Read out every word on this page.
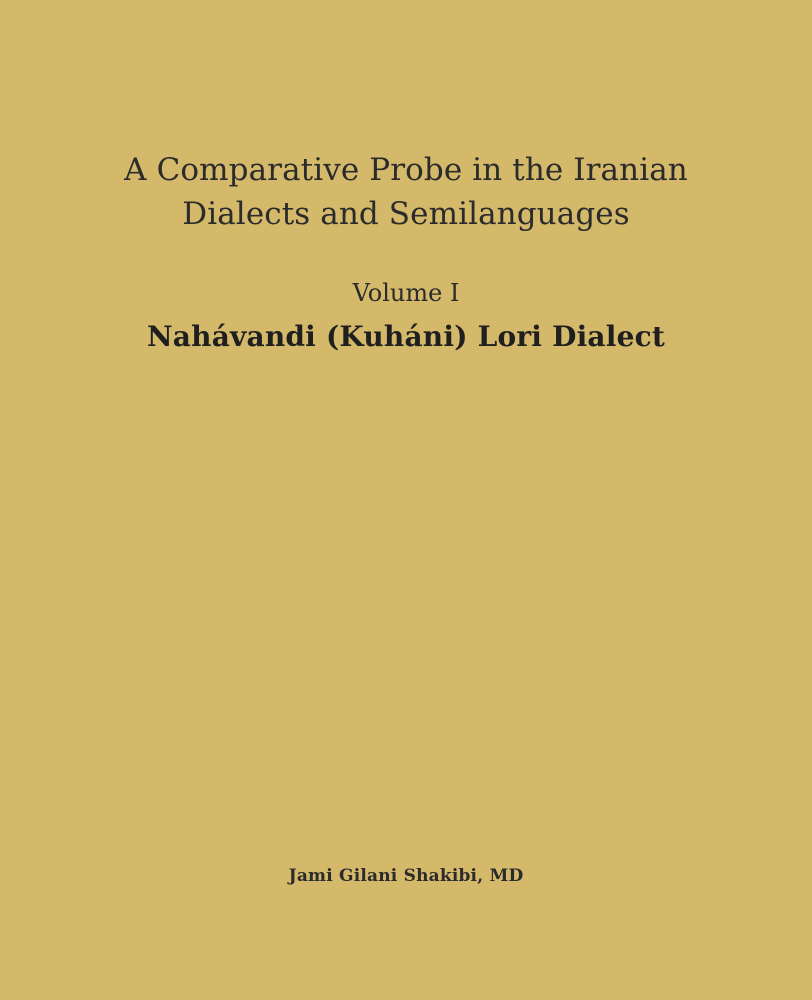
A Comparative Probe in the Iranian
Dialects and Semilanguages

Volume I

Nahávandi (Kuháni) Lori Dialect

Jami Gilani Shakibi, MD
